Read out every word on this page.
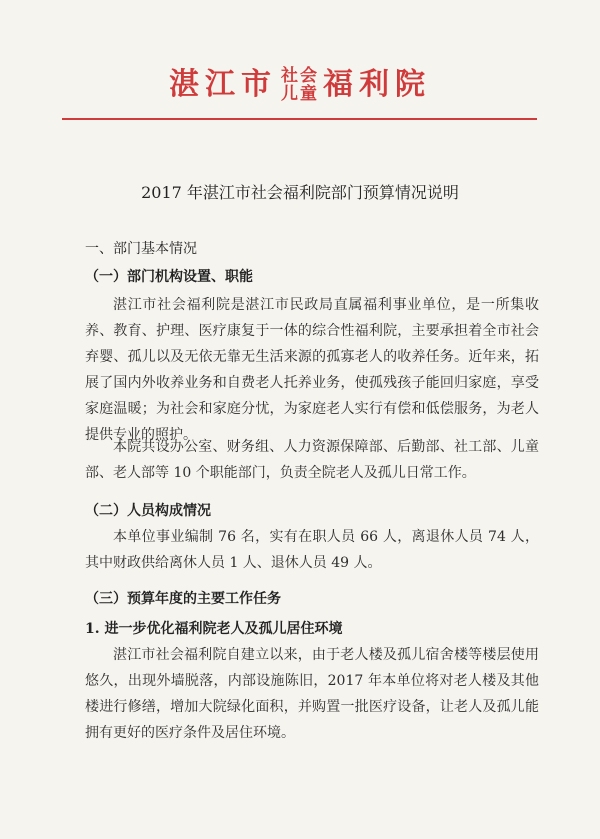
湛江市 社会
儿童 福利院
2017 年湛江市社会福利院部门预算情况说明
一、部门基本情况
（一）部门机构设置、职能

湛江市社会福利院是湛江市民政局直属福利事业单位，是一所集收养、教育、护理、医疗康复于一体的综合性福利院，主要承担着全市社会弃婴、孤儿以及无依无靠无生活来源的孤寡老人的收养任务。近年来，拓展了国内外收养业务和自费老人托养业务，使孤残孩子能回归家庭，享受家庭温暖；为社会和家庭分忧，为家庭老人实行有偿和低偿服务，为老人提供专业的照护。

本院共设办公室、财务组、人力资源保障部、后勤部、社工部、儿童部、老人部等 10 个职能部门，负责全院老人及孤儿日常工作。

（二）人员构成情况

本单位事业编制 76 名，实有在职人员 66 人，离退休人员 74 人，其中财政供给离休人员 1 人、退休人员 49 人。

（三）预算年度的主要工作任务
1. 进一步优化福利院老人及孤儿居住环境

湛江市社会福利院自建立以来，由于老人楼及孤儿宿舍楼等楼层使用悠久，出现外墙脱落，内部设施陈旧，2017 年本单位将对老人楼及其他楼进行修缮，增加大院绿化面积，并购置一批医疗设备，让老人及孤儿能拥有更好的医疗条件及居住环境。
